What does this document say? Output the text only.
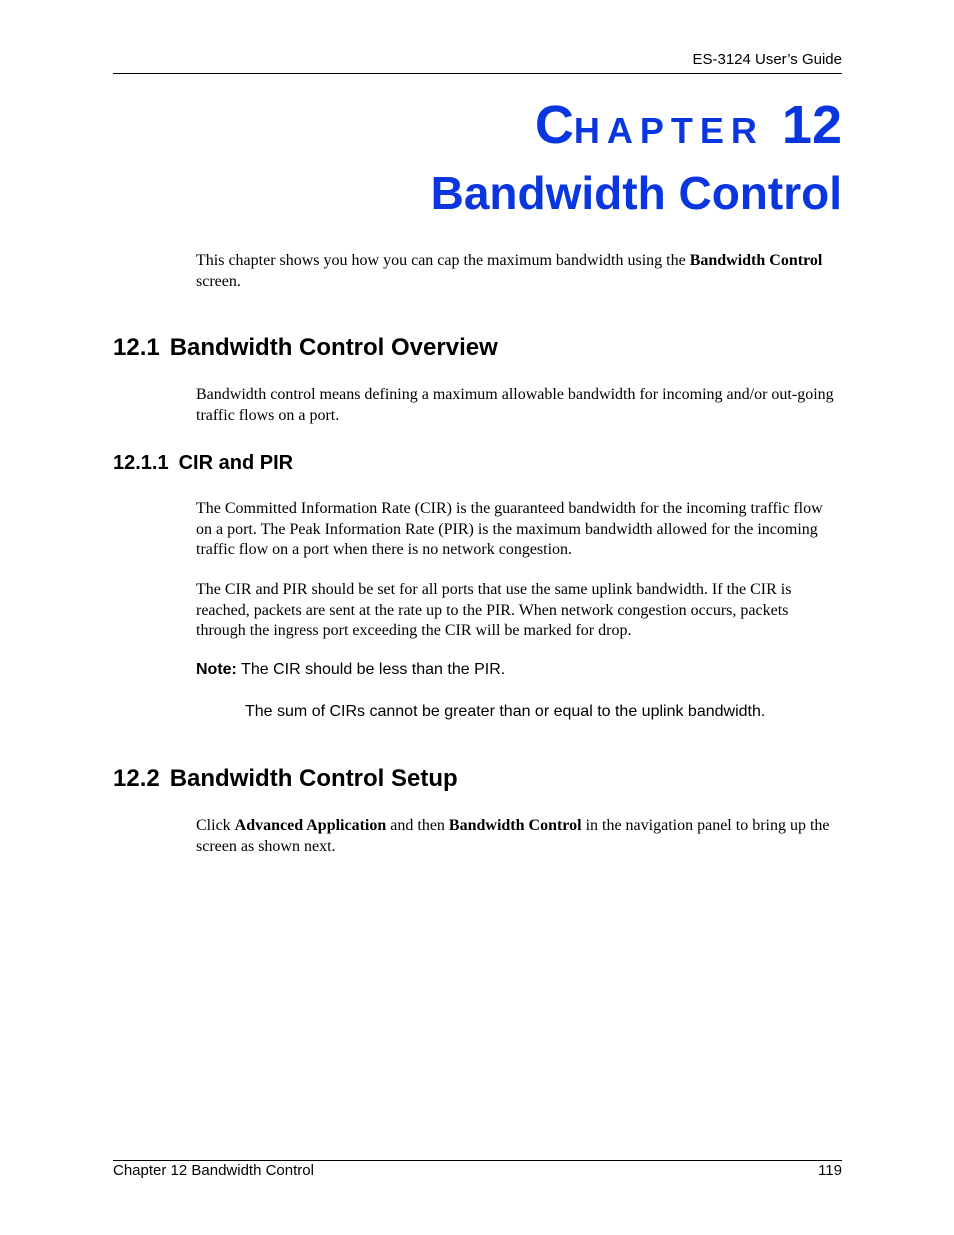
ES-3124 User’s Guide
CHAPTER 12
Bandwidth Control
This chapter shows you how you can cap the maximum bandwidth using the Bandwidth Control screen.
12.1 Bandwidth Control Overview
Bandwidth control means defining a maximum allowable bandwidth for incoming and/or out-going traffic flows on a port.
12.1.1 CIR and PIR
The Committed Information Rate (CIR) is the guaranteed bandwidth for the incoming traffic flow on a port. The Peak Information Rate (PIR) is the maximum bandwidth allowed for the incoming traffic flow on a port when there is no network congestion.
The CIR and PIR should be set for all ports that use the same uplink bandwidth. If the CIR is reached, packets are sent at the rate up to the PIR. When network congestion occurs, packets through the ingress port exceeding the CIR will be marked for drop.
Note: The CIR should be less than the PIR.
The sum of CIRs cannot be greater than or equal to the uplink bandwidth.
12.2 Bandwidth Control Setup
Click Advanced Application and then Bandwidth Control in the navigation panel to bring up the screen as shown next.
Chapter 12 Bandwidth Control	119
